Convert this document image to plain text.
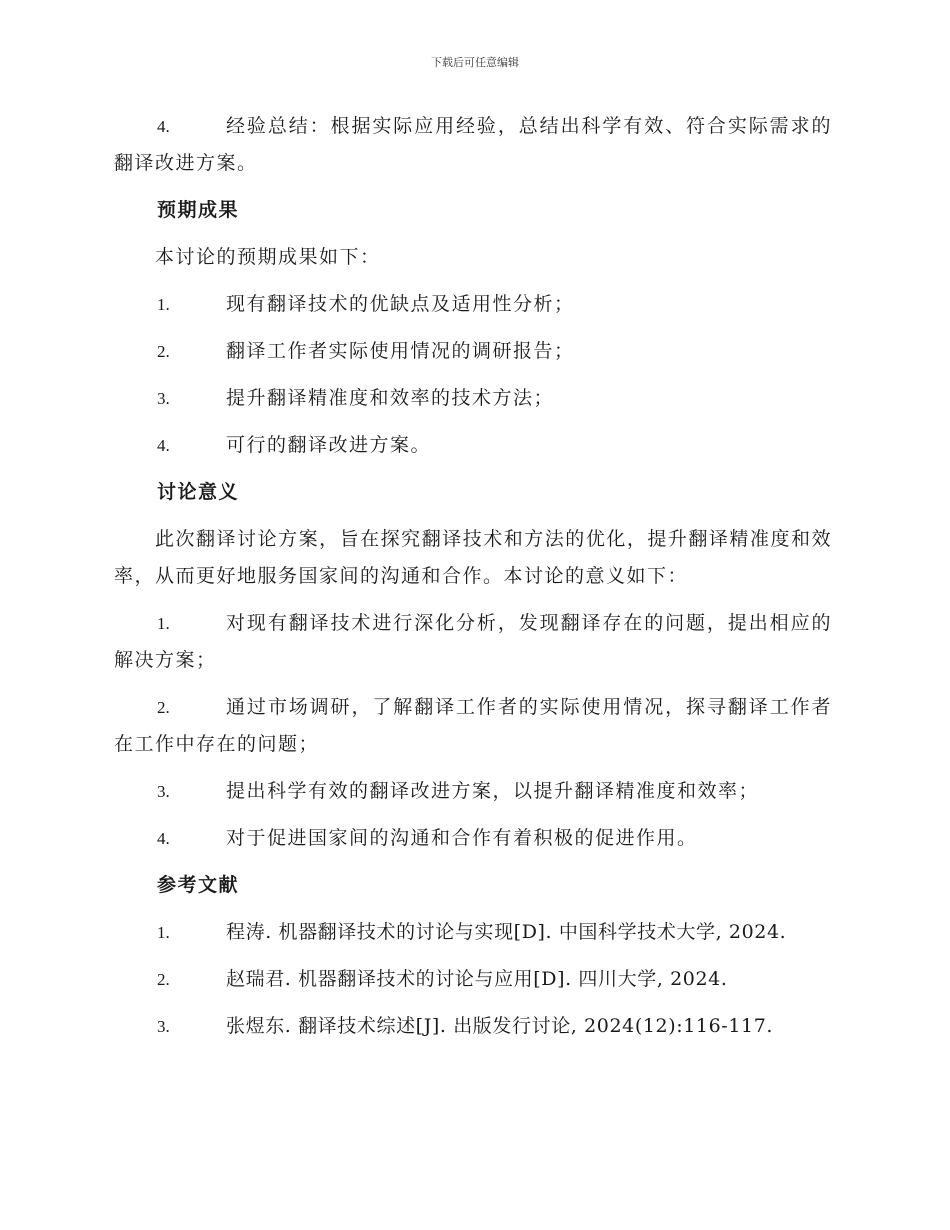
下载后可任意编辑

4.	经验总结：根据实际应用经验，总结出科学有效、符合实际需求的翻译改进方案。

预期成果

本讨论的预期成果如下：

1.	现有翻译技术的优缺点及适用性分析；

2.	翻译工作者实际使用情况的调研报告；

3.	提升翻译精准度和效率的技术方法；

4.	可行的翻译改进方案。

讨论意义

此次翻译讨论方案，旨在探究翻译技术和方法的优化，提升翻译精准度和效率，从而更好地服务国家间的沟通和合作。本讨论的意义如下：

1.	对现有翻译技术进行深化分析，发现翻译存在的问题，提出相应的解决方案；

2.	通过市场调研，了解翻译工作者的实际使用情况，探寻翻译工作者在工作中存在的问题；

3.	提出科学有效的翻译改进方案，以提升翻译精准度和效率；

4.	对于促进国家间的沟通和合作有着积极的促进作用。

参考文献

1.	程涛. 机器翻译技术的讨论与实现[D]. 中国科学技术大学, 2024.

2.	赵瑞君. 机器翻译技术的讨论与应用[D]. 四川大学, 2024.

3.	张煜东. 翻译技术综述[J]. 出版发行讨论, 2024(12):116-117.
